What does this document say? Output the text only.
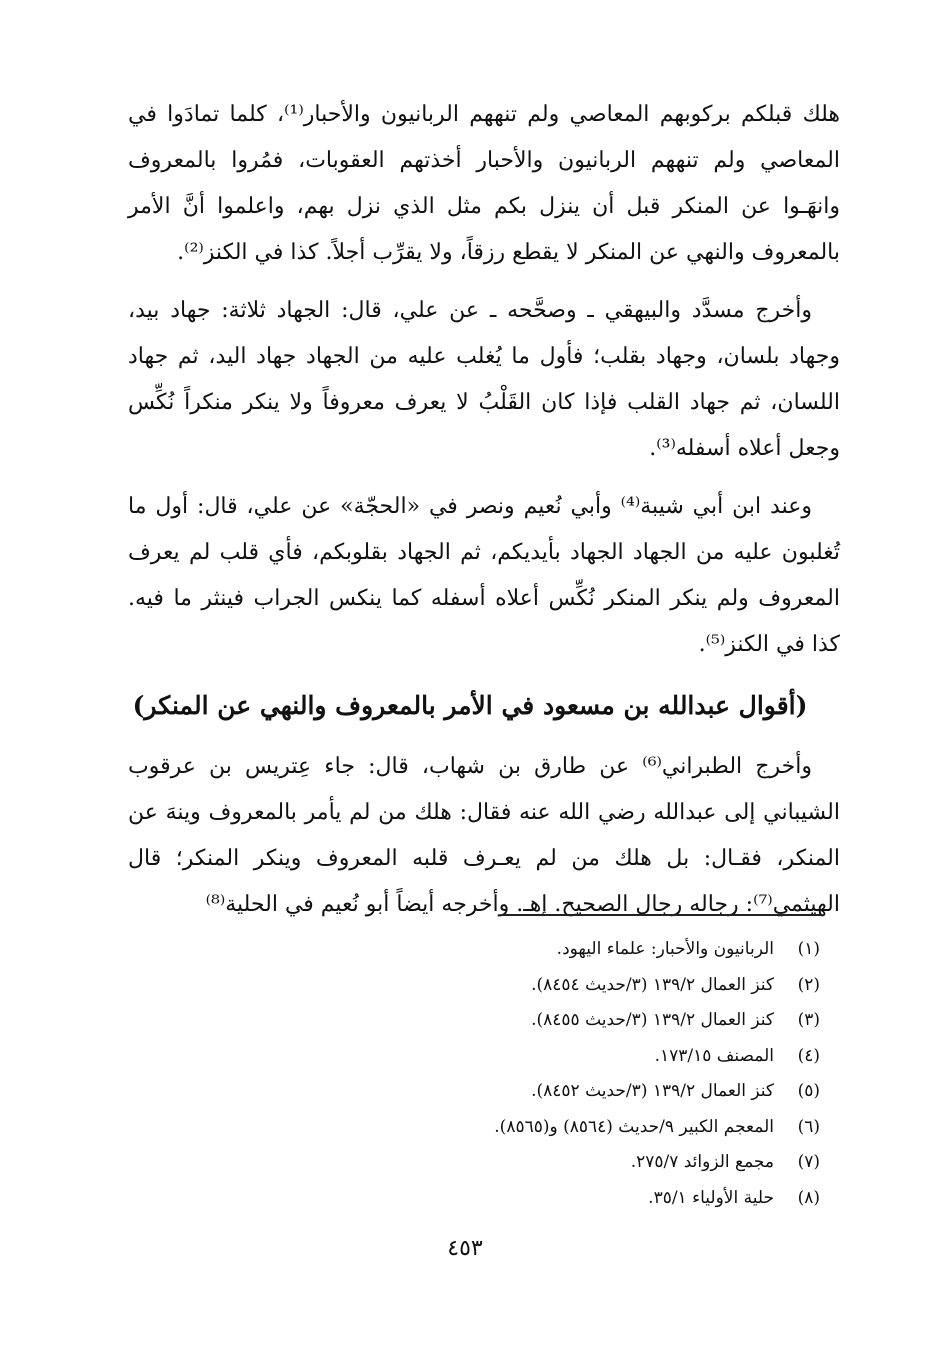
هلك قبلكم بركوبهم المعاصي ولم تنههم الربانيون والأحبار⁽¹⁾، كلما تمادَوا في المعاصي ولم تنههم الربانيون والأحبار أخذتهم العقوبات، فمُروا بالمعروف وانهَـوا عن المنكر قبل أن ينزل بكم مثل الذي نزل بهم، واعلموا أنَّ الأمر بالمعروف والنهي عن المنكر لا يقطع رزقاً، ولا يقرِّب أجلاً. كذا في الكنز⁽²⁾.

وأخرج مسدَّد والبيهقي ـ وصحَّحه ـ عن علي، قال: الجهاد ثلاثة: جهاد بيد، وجهاد بلسان، وجهاد بقلب؛ فأول ما يُغلب عليه من الجهاد جهاد اليد، ثم جهاد اللسان، ثم جهاد القلب فإذا كان القَلْبُ لا يعرف معروفاً ولا ينكر منكراً نُكِّس وجعل أعلاه أسفله⁽³⁾.

وعند ابن أبي شيبة⁽⁴⁾ وأبي نُعيم ونصر في «الحجّة» عن علي، قال: أول ما تُغلبون عليه من الجهاد الجهاد بأيديكم، ثم الجهاد بقلوبكم، فأي قلب لم يعرف المعروف ولم ينكر المنكر نُكِّس أعلاه أسفله كما ينكس الجراب فينثر ما فيه. كذا في الكنز⁽⁵⁾.

(أقوال عبدالله بن مسعود في الأمر بالمعروف والنهي عن المنكر)

وأخرج الطبراني⁽⁶⁾ عن طارق بن شهاب، قال: جاء عِتريس بن عرقوب الشيباني إلى عبدالله رضي الله عنه فقال: هلك من لم يأمر بالمعروف وينهَ عن المنكر، فقـال: بل هلك من لم يعـرف قلبه المعروف وينكر المنكر؛ قال الهيثمي⁽⁷⁾: رجاله رجال الصحيح. إهـ. وأخرجه أيضاً أبو نُعيم في الحلية⁽⁸⁾

(١)
الربانيون والأحبار: علماء اليهود.
(٢)
كنز العمال ١٣٩/٢ (٣/حديث ٨٤٥٤).
(٣)
كنز العمال ١٣٩/٢ (٣/حديث ٨٤٥٥).
(٤)
المصنف ١٧٣/١٥.
(٥)
كنز العمال ١٣٩/٢ (٣/حديث ٨٤٥٢).
(٦)
المعجم الكبير ٩/حديث (٨٥٦٤) و(٨٥٦٥).
(٧)
مجمع الزوائد ٢٧٥/٧.
(٨)
حلية الأولياء ٣٥/١.
٤٥٣
